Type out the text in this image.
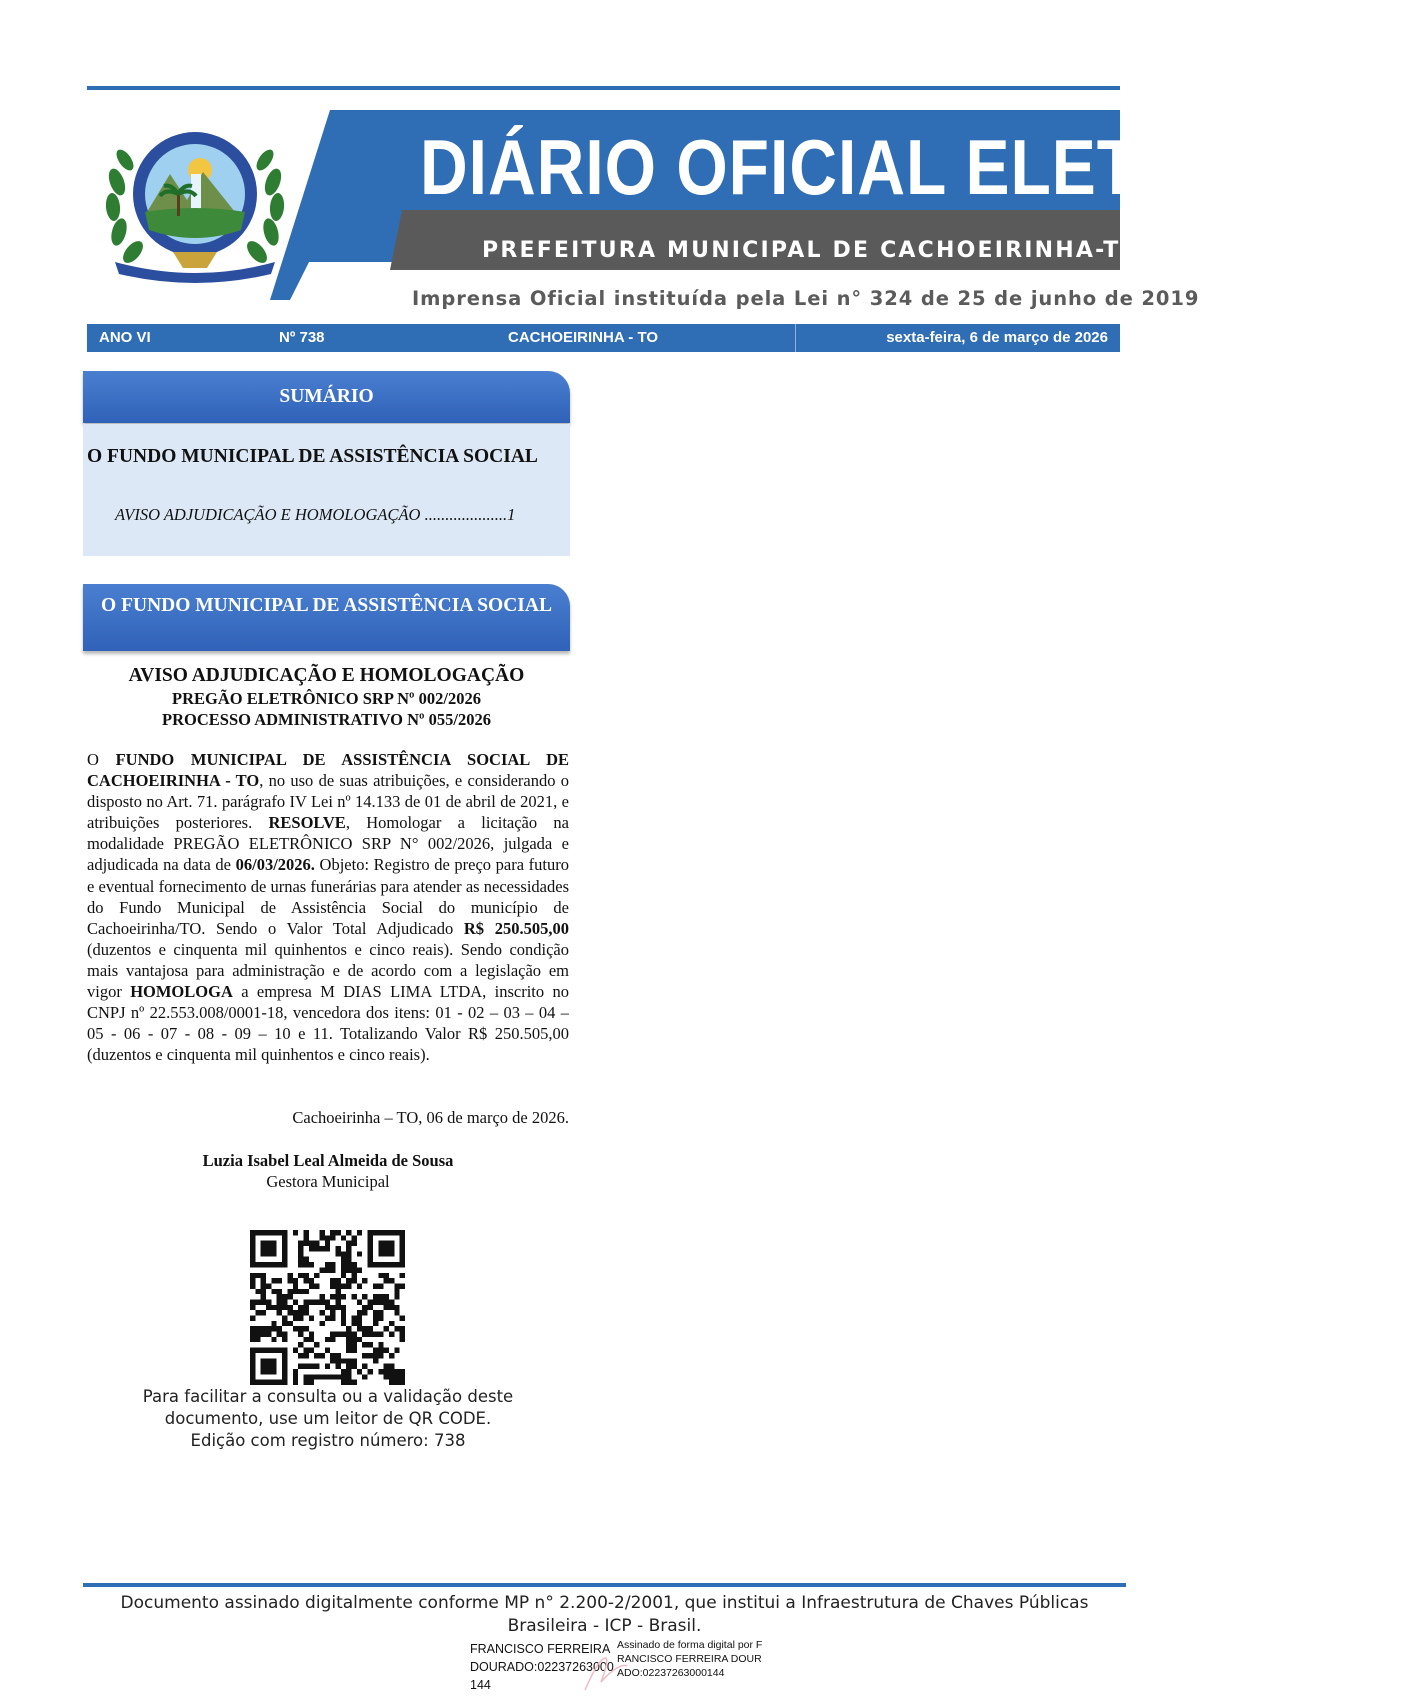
DIÁRIO OFICIAL ELETRÔNICO
PREFEITURA MUNICIPAL DE CACHOEIRINHA-TO
Imprensa Oficial instituída pela Lei n° 324 de 25 de junho de 2019
ANO VI	Nº 738	CACHOEIRINHA - TO	sexta-feira, 6 de março de 2026
SUMÁRIO
O FUNDO MUNICIPAL DE ASSISTÊNCIA SOCIAL
AVISO ADJUDICAÇÃO E HOMOLOGAÇÃO ....................1
O FUNDO MUNICIPAL DE ASSISTÊNCIA SOCIAL
AVISO ADJUDICAÇÃO E HOMOLOGAÇÃO
PREGÃO ELETRÔNICO SRP Nº 002/2026
PROCESSO ADMINISTRATIVO Nº 055/2026

O FUNDO MUNICIPAL DE ASSISTÊNCIA SOCIAL DE CACHOEIRINHA - TO, no uso de suas atribuições, e considerando o disposto no Art. 71. parágrafo IV Lei nº 14.133 de 01 de abril de 2021, e atribuições posteriores. RESOLVE, Homologar a licitação na modalidade PREGÃO ELETRÔNICO SRP N° 002/2026, julgada e adjudicada na data de 06/03/2026. Objeto: Registro de preço para futuro e eventual fornecimento de urnas funerárias para atender as necessidades do Fundo Municipal de Assistência Social do município de Cachoeirinha/TO. Sendo o Valor Total Adjudicado R$ 250.505,00 (duzentos e cinquenta mil quinhentos e cinco reais). Sendo condição mais vantajosa para administração e de acordo com a legislação em vigor HOMOLOGA a empresa M DIAS LIMA LTDA, inscrito no CNPJ nº 22.553.008/0001-18, vencedora dos itens: 01 - 02 – 03 – 04 – 05 - 06 - 07 - 08 - 09 – 10 e 11. Totalizando Valor R$ 250.505,00 (duzentos e cinquenta mil quinhentos e cinco reais).

Cachoeirinha – TO, 06 de março de 2026.
Luzia Isabel Leal Almeida de Sousa
Gestora Municipal
Para facilitar a consulta ou a validação deste
documento, use um leitor de QR CODE.
Edição com registro número: 738
Documento assinado digitalmente conforme MP n° 2.200-2/2001, que institui a Infraestrutura de Chaves Públicas
Brasileira - ICP - Brasil.
FRANCISCO FERREIRA DOURADO:02237263000144
Assinado de forma digital por FRANCISCO FERREIRA DOURADO:02237263000144
